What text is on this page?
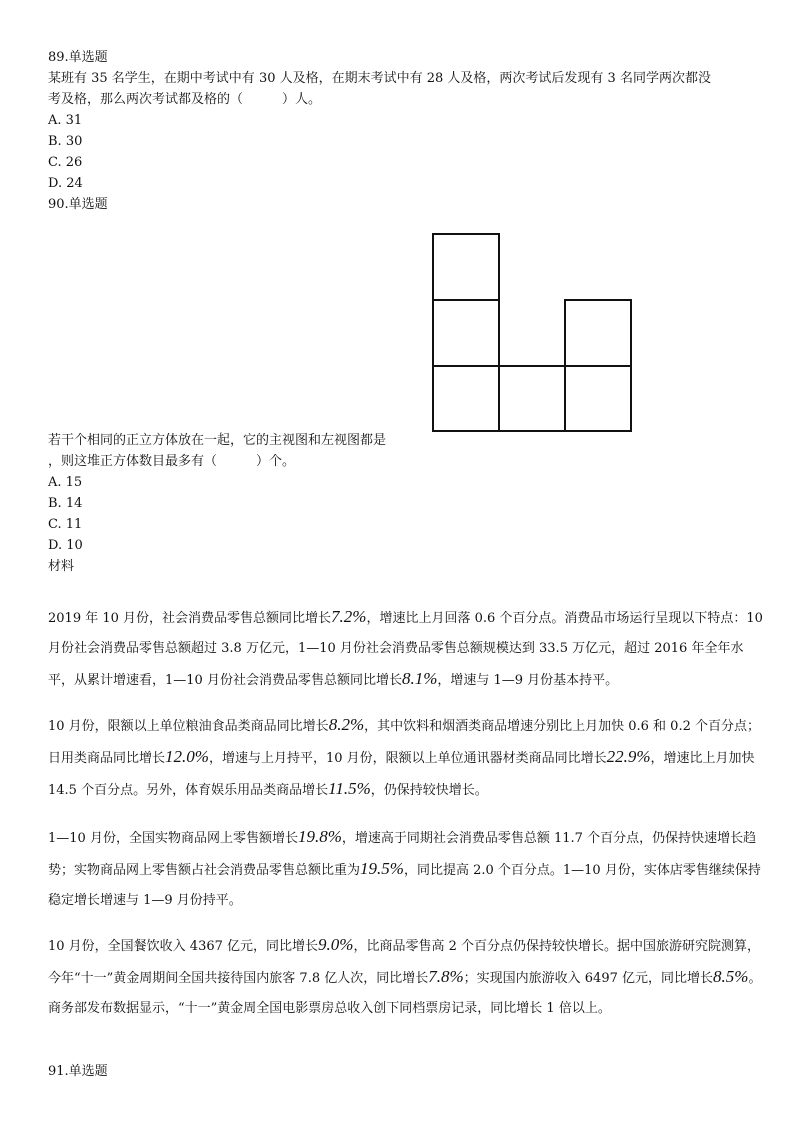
89.单选题
某班有 35 名学生，在期中考试中有 30 人及格，在期末考试中有 28 人及格，两次考试后发现有 3 名同学两次都没
考及格，那么两次考试都及格的（　　　）人。
A. 31
B. 30
C. 26
D. 24
90.单选题
若干个相同的正立方体放在一起，它的主视图和左视图都是
，则这堆正方体数目最多有（　　　）个。
A. 15
B. 14
C. 11
D. 10
材料
2019 年 10 月份，社会消费品零售总额同比增长7.2%，增速比上月回落 0.6 个百分点。消费品市场运行呈现以下特点：10 月份社会消费品零售总额超过 3.8 万亿元，1—10 月份社会消费品零售总额规模达到 33.5 万亿元，超过 2016 年全年水平，从累计增速看，1—10 月份社会消费品零售总额同比增长8.1%，增速与 1—9 月份基本持平。
10 月份，限额以上单位粮油食品类商品同比增长8.2%，其中饮料和烟酒类商品增速分别比上月加快 0.6 和 0.2 个百分点；日用类商品同比增长12.0%，增速与上月持平，10 月份，限额以上单位通讯器材类商品同比增长22.9%，增速比上月加快 14.5 个百分点。另外，体育娱乐用品类商品增长11.5%，仍保持较快增长。
1—10 月份，全国实物商品网上零售额增长19.8%，增速高于同期社会消费品零售总额 11.7 个百分点，仍保持快速增长趋势；实物商品网上零售额占社会消费品零售总额比重为19.5%，同比提高 2.0 个百分点。1—10 月份，实体店零售继续保持稳定增长增速与 1—9 月份持平。
10 月份，全国餐饮收入 4367 亿元，同比增长9.0%，比商品零售高 2 个百分点仍保持较快增长。据中国旅游研究院测算，今年“十一”黄金周期间全国共接待国内旅客 7.8 亿人次，同比增长7.8%；实现国内旅游收入 6497 亿元，同比增长8.5%。商务部发布数据显示，“十一”黄金周全国电影票房总收入创下同档票房记录，同比增长 1 倍以上。
91.单选题
